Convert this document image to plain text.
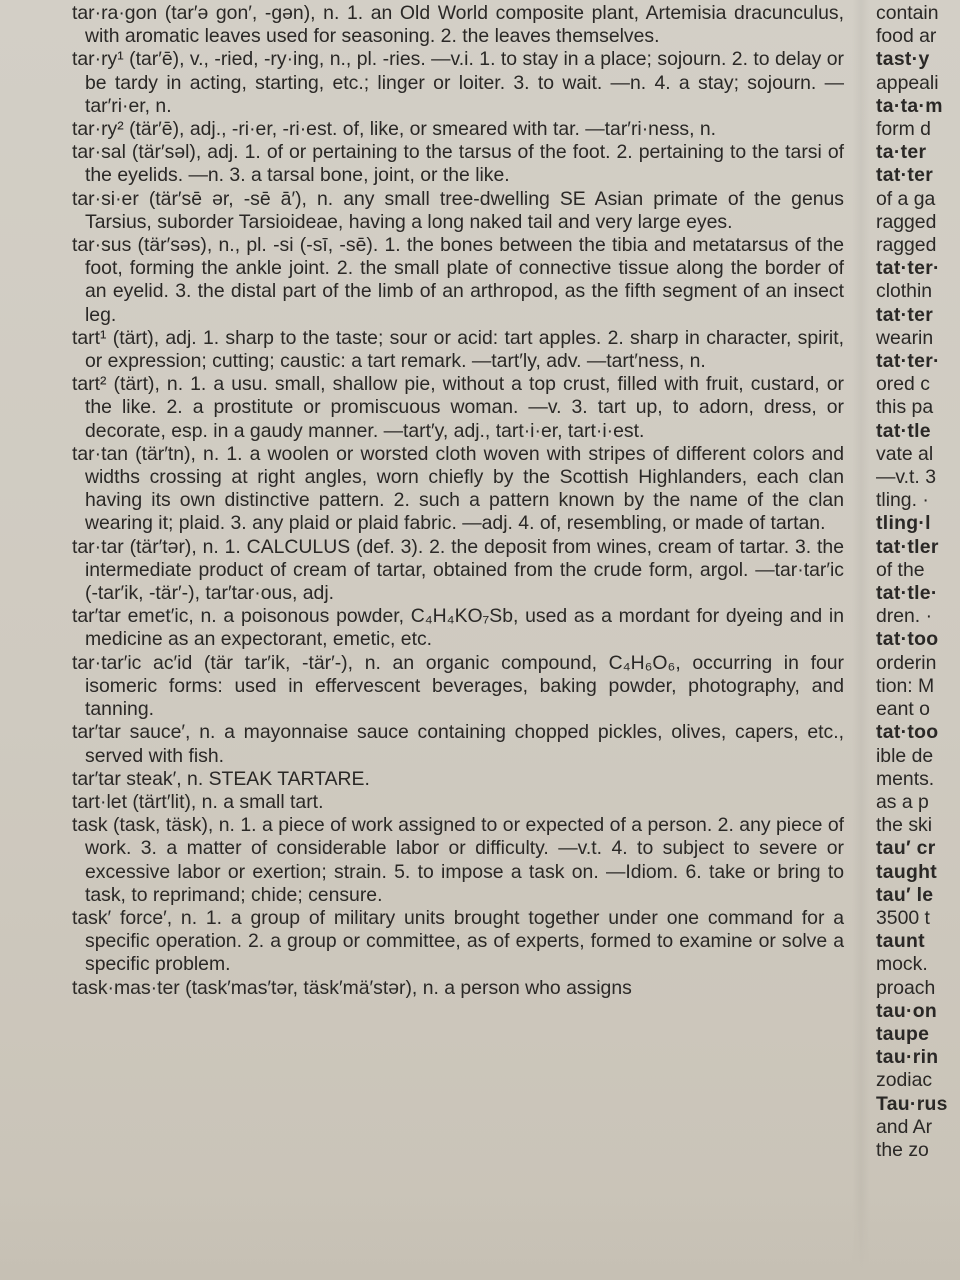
tar·ra·gon (tar′ə gon′, -gən), n. 1. an Old World composite plant, Artemisia dracunculus, with aromatic leaves used for seasoning. 2. the leaves themselves.

tar·ry¹ (tar′ē), v., -ried, -ry·ing, n., pl. -ries. —v.i. 1. to stay in a place; sojourn. 2. to delay or be tardy in acting, starting, etc.; linger or loiter. 3. to wait. —n. 4. a stay; sojourn. —tar′ri·er, n.

tar·ry² (tär′ē), adj., -ri·er, -ri·est. of, like, or smeared with tar. —tar′ri·ness, n.

tar·sal (tär′səl), adj. 1. of or pertaining to the tarsus of the foot. 2. pertaining to the tarsi of the eyelids. —n. 3. a tarsal bone, joint, or the like.

tar·si·er (tär′sē ər, -sē ā′), n. any small tree-dwelling SE Asian primate of the genus Tarsius, suborder Tarsioideae, having a long naked tail and very large eyes.

tar·sus (tär′səs), n., pl. -si (-sī, -sē). 1. the bones between the tibia and metatarsus of the foot, forming the ankle joint. 2. the small plate of connective tissue along the border of an eyelid. 3. the distal part of the limb of an arthropod, as the fifth segment of an insect leg.

tart¹ (tärt), adj. 1. sharp to the taste; sour or acid: tart apples. 2. sharp in character, spirit, or expression; cutting; caustic: a tart remark. —tart′ly, adv. —tart′ness, n.

tart² (tärt), n. 1. a usu. small, shallow pie, without a top crust, filled with fruit, custard, or the like. 2. a prostitute or promiscuous woman. —v. 3. tart up, to adorn, dress, or decorate, esp. in a gaudy manner. —tart′y, adj., tart·i·er, tart·i·est.

tar·tan (tär′tn), n. 1. a woolen or worsted cloth woven with stripes of different colors and widths crossing at right angles, worn chiefly by the Scottish Highlanders, each clan having its own distinctive pattern. 2. such a pattern known by the name of the clan wearing it; plaid. 3. any plaid or plaid fabric. —adj. 4. of, resembling, or made of tartan.

tar·tar (tär′tər), n. 1. CALCULUS (def. 3). 2. the deposit from wines, cream of tartar. 3. the intermediate product of cream of tartar, obtained from the crude form, argol. —tar·tar′ic (-tar′ik, -tär′-), tar′tar·ous, adj.

tar′tar emet′ic, n. a poisonous powder, C₄H₄KO₇Sb, used as a mordant for dyeing and in medicine as an expectorant, emetic, etc.

tar·tar′ic ac′id (tär tar′ik, -tär′-), n. an organic compound, C₄H₆O₆, occurring in four isomeric forms: used in effervescent beverages, baking powder, photography, and tanning.

tar′tar sauce′, n. a mayonnaise sauce containing chopped pickles, olives, capers, etc., served with fish.

tar′tar steak′, n. STEAK TARTARE.

tart·let (tärt′lit), n. a small tart.

task (task, täsk), n. 1. a piece of work assigned to or expected of a person. 2. any piece of work. 3. a matter of considerable labor or difficulty. —v.t. 4. to subject to severe or excessive labor or exertion; strain. 5. to impose a task on. —Idiom. 6. take or bring to task, to reprimand; chide; censure.

task′ force′, n. 1. a group of military units brought together under one command for a specific operation. 2. a group or committee, as of experts, formed to examine or solve a specific problem.

task·mas·ter (task′mas′tər, täsk′mä′stər), n. a person who assigns

contain
food ar
tast·y
appeali
ta·ta·m
form d
ta·ter
tat·ter
of a ga
ragged
ragged
tat·ter·
clothin
tat·ter
wearin
tat·ter·
ored c
this pa
tat·tle
vate al
—v.t. 3
tling. ·
tling·l
tat·tler
of the
tat·tle·
dren. ·
tat·too
orderin
tion: M
eant o
tat·too
ible de
ments.
as a p
the ski
tau′ cr
taught
tau′ le
3500 t
taunt
mock.
proach
tau·on
taupe
tau·rin
zodiac
Tau·rus
and Ar
the zo
